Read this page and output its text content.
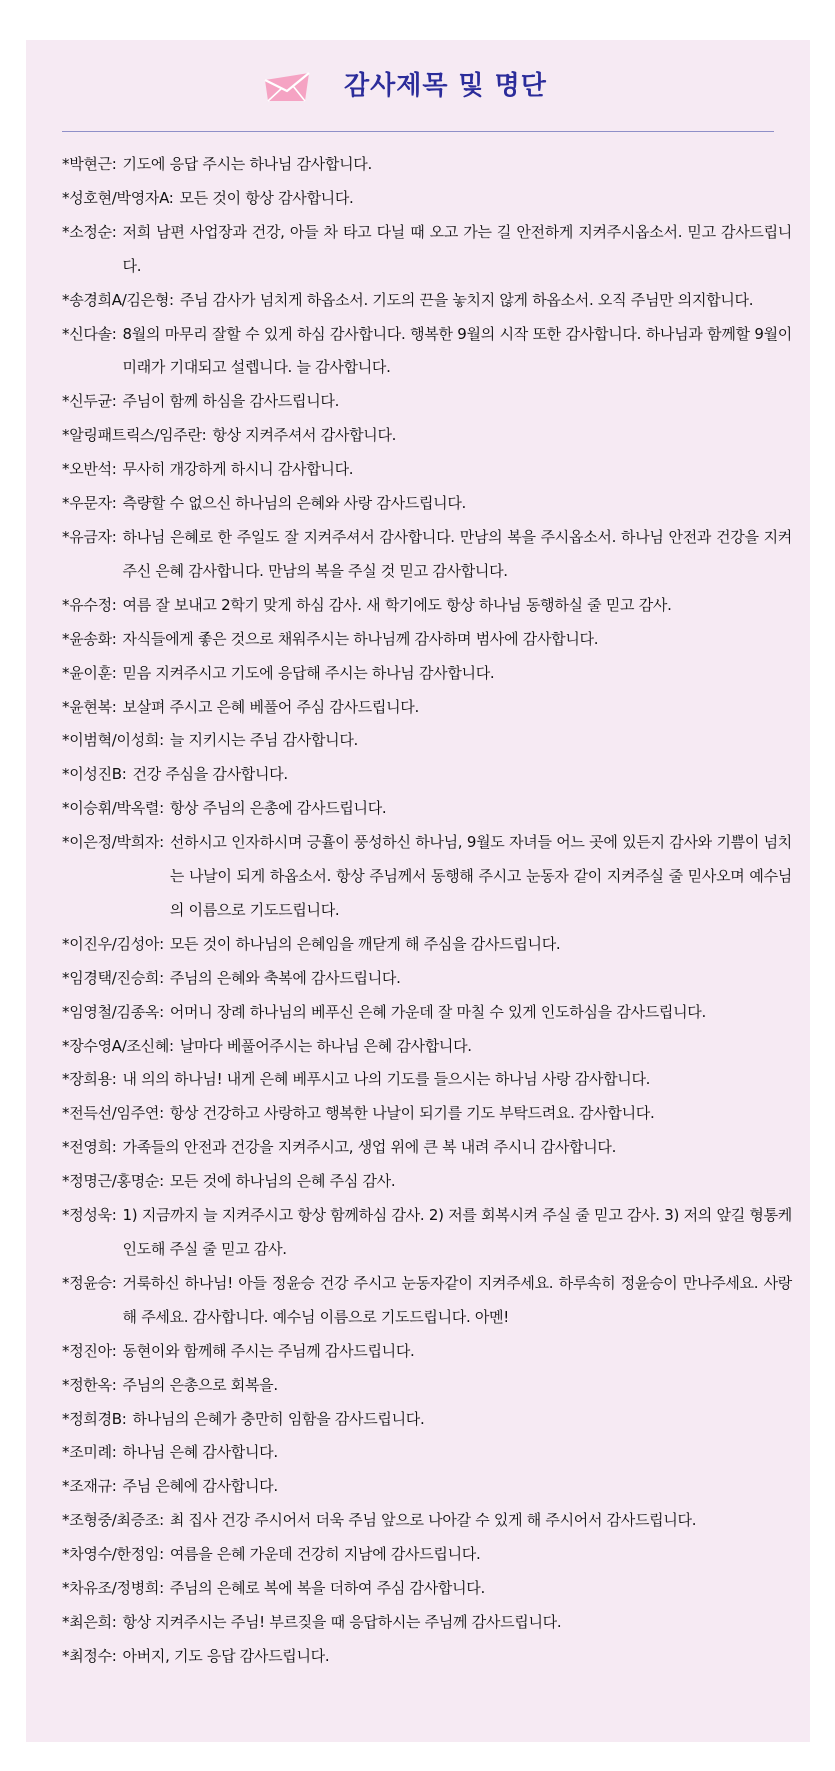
감사제목 및 명단
*박현근: 기도에 응답 주시는 하나님 감사합니다.
*성호현/박영자A: 모든 것이 항상 감사합니다.
*소정순: 저희 남편 사업장과 건강, 아들 차 타고 다닐 때 오고 가는 길 안전하게 지켜주시옵소서. 믿고 감사드립니다.
*송경희A/김은형: 주님 감사가 넘치게 하옵소서. 기도의 끈을 놓치지 않게 하옵소서. 오직 주님만 의지합니다.
*신다솔: 8월의 마무리 잘할 수 있게 하심 감사합니다. 행복한 9월의 시작 또한 감사합니다. 하나님과 함께할 9월이 미래가 기대되고 설렙니다. 늘 감사합니다.
*신두균: 주님이 함께 하심을 감사드립니다.
*알링패트릭스/임주란: 항상 지켜주셔서 감사합니다.
*오반석: 무사히 개강하게 하시니 감사합니다.
*우문자: 측량할 수 없으신 하나님의 은혜와 사랑 감사드립니다.
*유금자: 하나님 은혜로 한 주일도 잘 지켜주셔서 감사합니다. 만남의 복을 주시옵소서. 하나님 안전과 건강을 지켜주신 은혜 감사합니다. 만남의 복을 주실 것 믿고 감사합니다.
*유수정: 여름 잘 보내고 2학기 맞게 하심 감사. 새 학기에도 항상 하나님 동행하실 줄 믿고 감사.
*윤송화: 자식들에게 좋은 것으로 채워주시는 하나님께 감사하며 범사에 감사합니다.
*윤이훈: 믿음 지켜주시고 기도에 응답해 주시는 하나님 감사합니다.
*윤현복: 보살펴 주시고 은혜 베풀어 주심 감사드립니다.
*이범혁/이성희: 늘 지키시는 주님 감사합니다.
*이성진B: 건강 주심을 감사합니다.
*이승휘/박옥렬: 항상 주님의 은총에 감사드립니다.
*이은정/박희자: 선하시고 인자하시며 긍휼이 풍성하신 하나님, 9월도 자녀들 어느 곳에 있든지 감사와 기쁨이 넘치는 나날이 되게 하옵소서. 항상 주님께서 동행해 주시고 눈동자 같이 지켜주실 줄 믿사오며 예수님의 이름으로 기도드립니다.
*이진우/김성아: 모든 것이 하나님의 은혜임을 깨닫게 해 주심을 감사드립니다.
*임경택/진승희: 주님의 은혜와 축복에 감사드립니다.
*임영철/김종옥: 어머니 장례 하나님의 베푸신 은혜 가운데 잘 마칠 수 있게 인도하심을 감사드립니다.
*장수영A/조신혜: 날마다 베풀어주시는 하나님 은혜 감사합니다.
*장희용: 내 의의 하나님! 내게 은혜 베푸시고 나의 기도를 들으시는 하나님 사랑 감사합니다.
*전득선/임주연: 항상 건강하고 사랑하고 행복한 나날이 되기를 기도 부탁드려요. 감사합니다.
*전영희: 가족들의 안전과 건강을 지켜주시고, 생업 위에 큰 복 내려 주시니 감사합니다.
*정명근/홍명순: 모든 것에 하나님의 은혜 주심 감사.
*정성욱: 1) 지금까지 늘 지켜주시고 항상 함께하심 감사. 2) 저를 회복시켜 주실 줄 믿고 감사. 3) 저의 앞길 형통케 인도해 주실 줄 믿고 감사.
*정윤승: 거룩하신 하나님! 아들 정윤승 건강 주시고 눈동자같이 지켜주세요. 하루속히 정윤승이 만나주세요. 사랑해 주세요. 감사합니다. 예수님 이름으로 기도드립니다. 아멘!
*정진아: 동현이와 함께해 주시는 주님께 감사드립니다.
*정한옥: 주님의 은총으로 회복을.
*정희경B: 하나님의 은혜가 충만히 임함을 감사드립니다.
*조미례: 하나님 은혜 감사합니다.
*조재규: 주님 은혜에 감사합니다.
*조형중/최증조: 최 집사 건강 주시어서 더욱 주님 앞으로 나아갈 수 있게 해 주시어서 감사드립니다.
*차영수/한정임: 여름을 은혜 가운데 건강히 지남에 감사드립니다.
*차유조/정병희: 주님의 은혜로 복에 복을 더하여 주심 감사합니다.
*최은희: 항상 지켜주시는 주님! 부르짖을 때 응답하시는 주님께 감사드립니다.
*최정수: 아버지, 기도 응답 감사드립니다.
